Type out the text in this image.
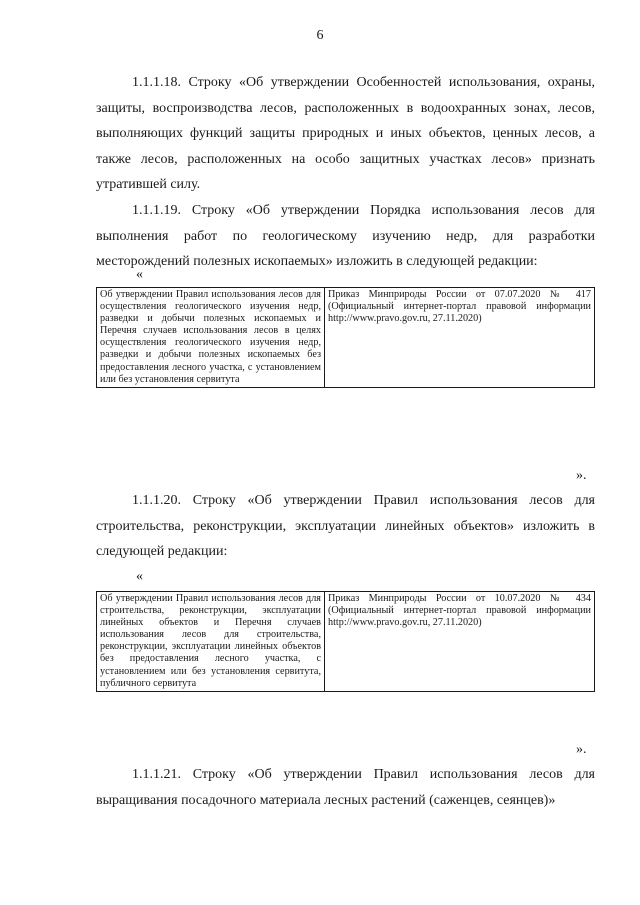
6
1.1.1.18. Строку «Об утверждении Особенностей использования, охраны, защиты, воспроизводства лесов, расположенных в водоохранных зонах, лесов, выполняющих функций защиты природных и иных объектов, ценных лесов, а также лесов, расположенных на особо защитных участках лесов» признать утратившей силу.
1.1.1.19. Строку «Об утверждении Порядка использования лесов для выполнения работ по геологическому изучению недр, для разработки месторождений полезных ископаемых» изложить в следующей редакции:
«
Об утверждении Правил использования лесов для осуществления геологического изучения недр, разведки и добычи полезных ископаемых и Перечня случаев использования лесов в целях осуществления геологического изучения недр, разведки и добычи полезных ископаемых без предоставления лесного участка, с установлением или без установления сервитута	Приказ Минприроды России от 07.07.2020 № 417 (Официальный интернет-портал правовой информации http://www.pravo.gov.ru, 27.11.2020)
».
1.1.1.20. Строку «Об утверждении Правил использования лесов для строительства, реконструкции, эксплуатации линейных объектов» изложить в следующей редакции:
«
Об утверждении Правил использования лесов для строительства, реконструкции, эксплуатации линейных объектов и Перечня случаев использования лесов для строительства, реконструкции, эксплуатации линейных объектов без предоставления лесного участка, с установлением или без установления сервитута, публичного сервитута	Приказ Минприроды России от 10.07.2020 № 434 (Официальный интернет-портал правовой информации http://www.pravo.gov.ru, 27.11.2020)
».
1.1.1.21. Строку «Об утверждении Правил использования лесов для выращивания посадочного материала лесных растений (саженцев, сеянцев)»
